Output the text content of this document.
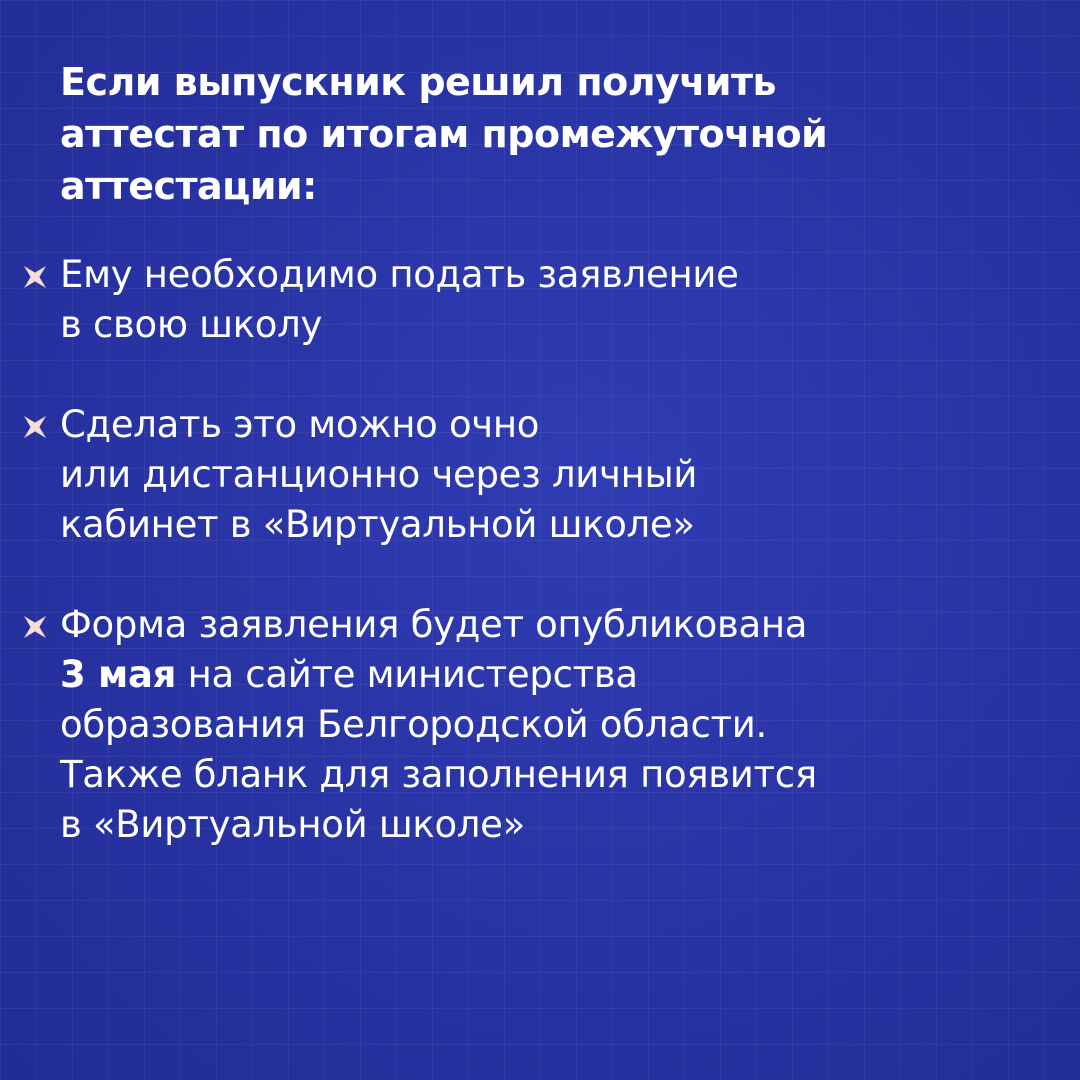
Если выпускник решил получить
аттестат по итогам промежуточной
аттестации:
Ему необходимо подать заявление
в свою школу
Сделать это можно очно
или дистанционно через личный
кабинет в «Виртуальной школе»
Форма заявления будет опубликована
3 мая на сайте министерства
образования Белгородской области.
Также бланк для заполнения появится
в «Виртуальной школе»
